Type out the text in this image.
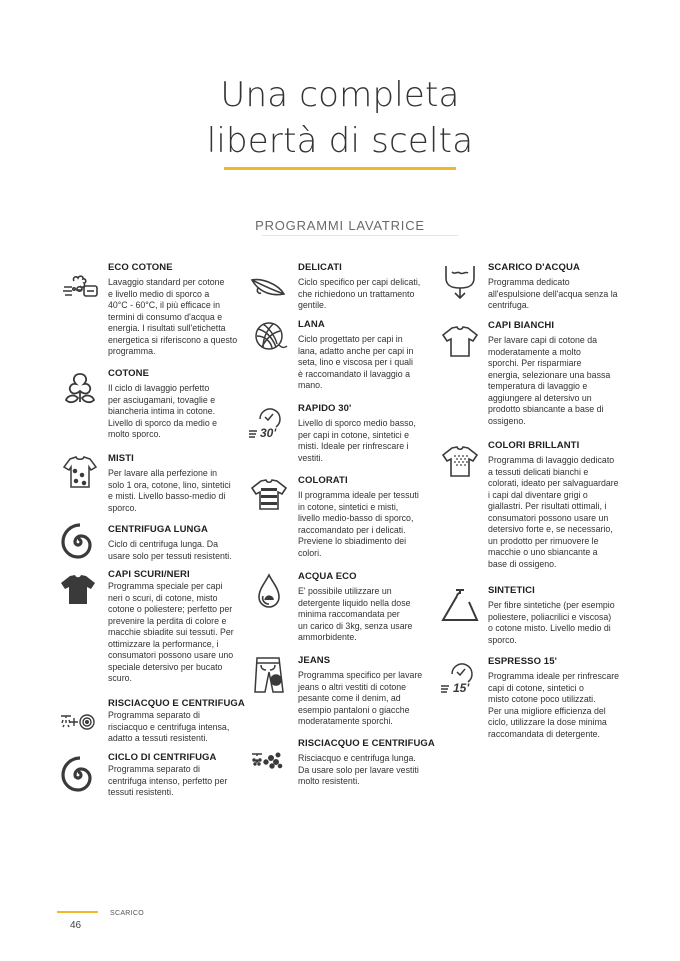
Una completa
libertà di scelta
PROGRAMMI LAVATRICE
ECO COTONE
Lavaggio standard per cotone
e livello medio di sporco a
40°C - 60°C, il più efficace in
termini di consumo d'acqua e
energia. I risultati sull'etichetta
energetica si riferiscono a questo
programma.
COTONE
Il ciclo di lavaggio perfetto
per asciugamani, tovaglie e
biancheria intima in cotone.
Livello di sporco da medio e
molto sporco.
MISTI
Per lavare alla perfezione in
solo 1 ora, cotone, lino, sintetici
e misti. Livello basso-medio di
sporco.
CENTRIFUGA LUNGA
Ciclo di centrifuga lunga. Da
usare solo per tessuti resistenti.
CAPI SCURI/NERI
Programma speciale per capi
neri o scuri, di cotone, misto
cotone o poliestere; perfetto per
prevenire la perdita di colore e
macchie sbiadite sui tessuti. Per
ottimizzare la performance, i
consumatori possono usare uno
speciale detersivo per bucato
scuro.
RISCIACQUO E CENTRIFUGA
Programma separato di
risciacquo e centrifuga intensa,
adatto a tessuti resistenti.
CICLO DI CENTRIFUGA
Programma separato di
centrifuga intenso, perfetto per
tessuti resistenti.
DELICATI
Ciclo specifico per capi delicati,
che richiedono un trattamento
gentile.
LANA
Ciclo progettato per capi in
lana, adatto anche per capi in
seta, lino e viscosa per i quali
è raccomandato il lavaggio a
mano.
30'
RAPIDO 30'
Livello di sporco medio basso,
per capi in cotone, sintetici e
misti. Ideale per rinfrescare i
vestiti.
COLORATI
Il programma ideale per tessuti
in cotone, sintetici e misti,
livello medio-basso di sporco,
raccomandato per i delicati.
Previene lo sbiadimento dei
colori.
ACQUA ECO
E' possibile utilizzare un
detergente liquido nella dose
minima raccomandata per
un carico di 3kg, senza usare
ammorbidente.
JEANS
Programma specifico per lavare
jeans o altri vestiti di cotone
pesante come il denim, ad
esempio pantaloni o giacche
moderatamente sporchi.
RISCIACQUO E CENTRIFUGA
Risciacquo e centrifuga lunga.
Da usare solo per lavare vestiti
molto resistenti.
SCARICO D'ACQUA
Programma dedicato
all'espulsione dell'acqua senza la
centrifuga.
CAPI BIANCHI
Per lavare capi di cotone da
moderatamente a molto
sporchi. Per risparmiare
energia, selezionare una bassa
temperatura di lavaggio e
aggiungere al detersivo un
prodotto sbiancante a base di
ossigeno.
COLORI BRILLANTI
Programma di lavaggio dedicato
a tessuti delicati bianchi e
colorati, ideato per salvaguardare
i capi dal diventare grigi o
giallastri. Per risultati ottimali, i
consumatori possono usare un
detersivo forte e, se necessario,
un prodotto per rimuovere le
macchie o uno sbiancante a
base di ossigeno.
SINTETICI
Per fibre sintetiche (per esempio
poliestere, poliacrilici e viscosa)
o cotone misto. Livello medio di
sporco.
15'
ESPRESSO 15'
Programma ideale per rinfrescare
capi di cotone, sintetici o
misto cotone poco utilizzati.
Per una migliore efficienza del
ciclo, utilizzare la dose minima
raccomandata di detergente.
SCARICO
46
